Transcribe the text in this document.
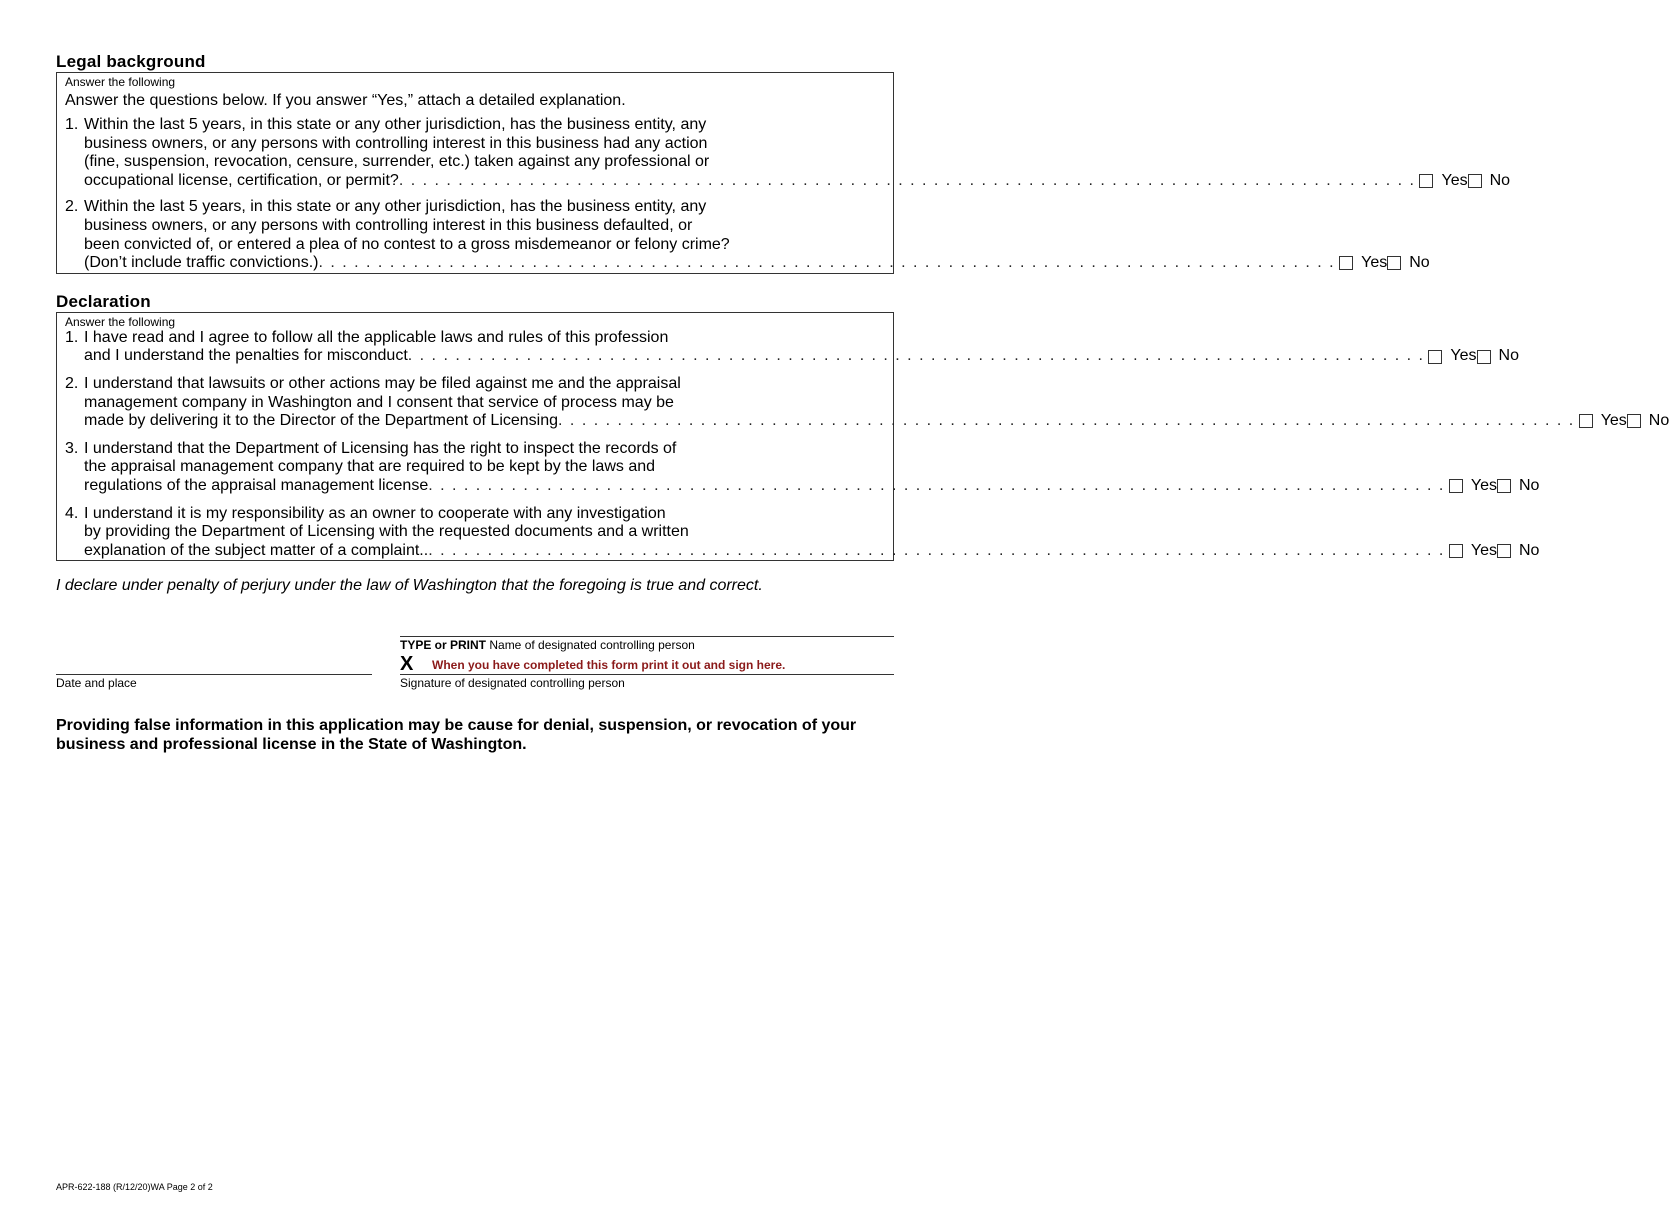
Legal background
Answer the following
Answer the questions below. If you answer “Yes,” attach a detailed explanation.
1. Within the last 5 years, in this state or any other jurisdiction, has the business entity, any
business owners, or any persons with controlling interest in this business had any action
(fine, suspension, revocation, censure, surrender, etc.) taken against any professional or
occupational license, certification, or permit? . . .	Yes No
2. Within the last 5 years, in this state or any other jurisdiction, has the business entity, any
business owners, or any persons with controlling interest in this business defaulted, or
been convicted of, or entered a plea of no contest to a gross misdemeanor or felony crime?
(Don’t include traffic convictions.) . . .	Yes No
Declaration
Answer the following
1. I have read and I agree to follow all the applicable laws and rules of this profession
and I understand the penalties for misconduct . . .	Yes No
2. I understand that lawsuits or other actions may be filed against me and the appraisal
management company in Washington and I consent that service of process may be
made by delivering it to the Director of the Department of Licensing . . .	Yes No
3. I understand that the Department of Licensing has the right to inspect the records of
the appraisal management company that are required to be kept by the laws and
regulations of the appraisal management license . . .	Yes No
4. I understand it is my responsibility as an owner to cooperate with any investigation
by providing the Department of Licensing with the requested documents and a written
explanation of the subject matter of a complaint.. . . .	Yes No

I declare under penalty of perjury under the law of Washington that the foregoing is true and correct.

Date and place
TYPE or PRINT Name of designated controlling person
X When you have completed this form print it out and sign here.
Signature of designated controlling person
Providing false information in this application may be cause for denial, suspension, or revocation of your business and professional license in the State of Washington.
APR-622-188 (R/12/20)WA Page 2 of 2
